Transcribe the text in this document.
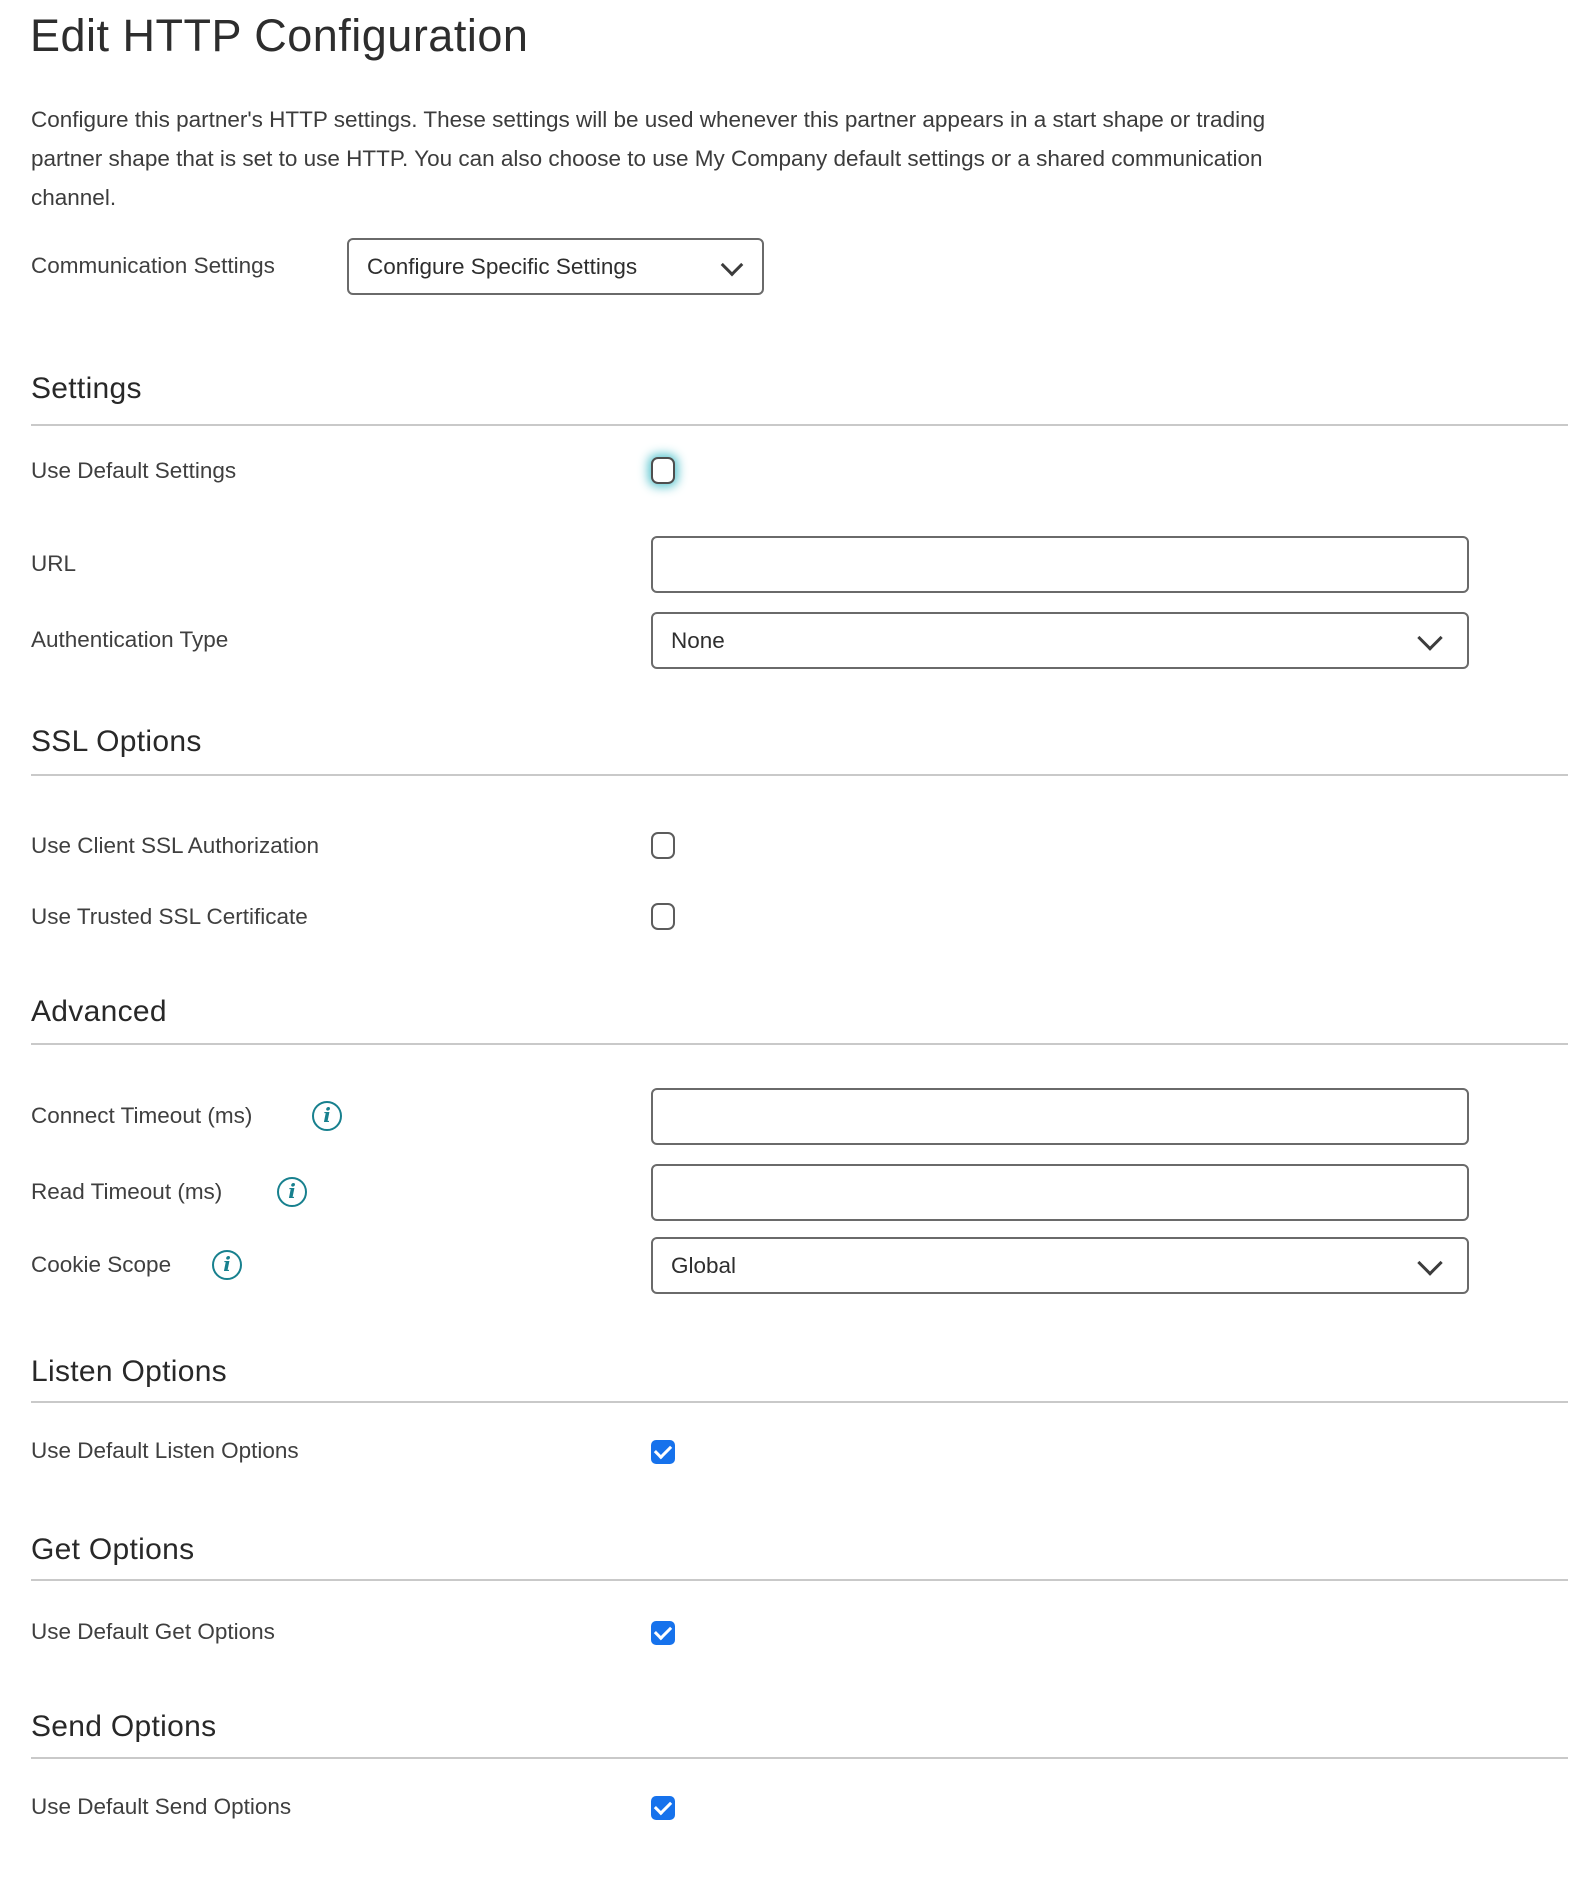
Edit HTTP Configuration
Configure this partner's HTTP settings. These settings will be used whenever this partner appears in a start shape or trading
partner shape that is set to use HTTP. You can also choose to use My Company default settings or a shared communication
channel.
Communication Settings	Configure Specific Settings
Settings
Use Default Settings
URL
Authentication Type	None
SSL Options
Use Client SSL Authorization
Use Trusted SSL Certificate
Advanced
Connect Timeout (ms)	i
Read Timeout (ms)	i
Cookie Scope	i	Global
Listen Options
Use Default Listen Options
Get Options
Use Default Get Options
Send Options
Use Default Send Options
